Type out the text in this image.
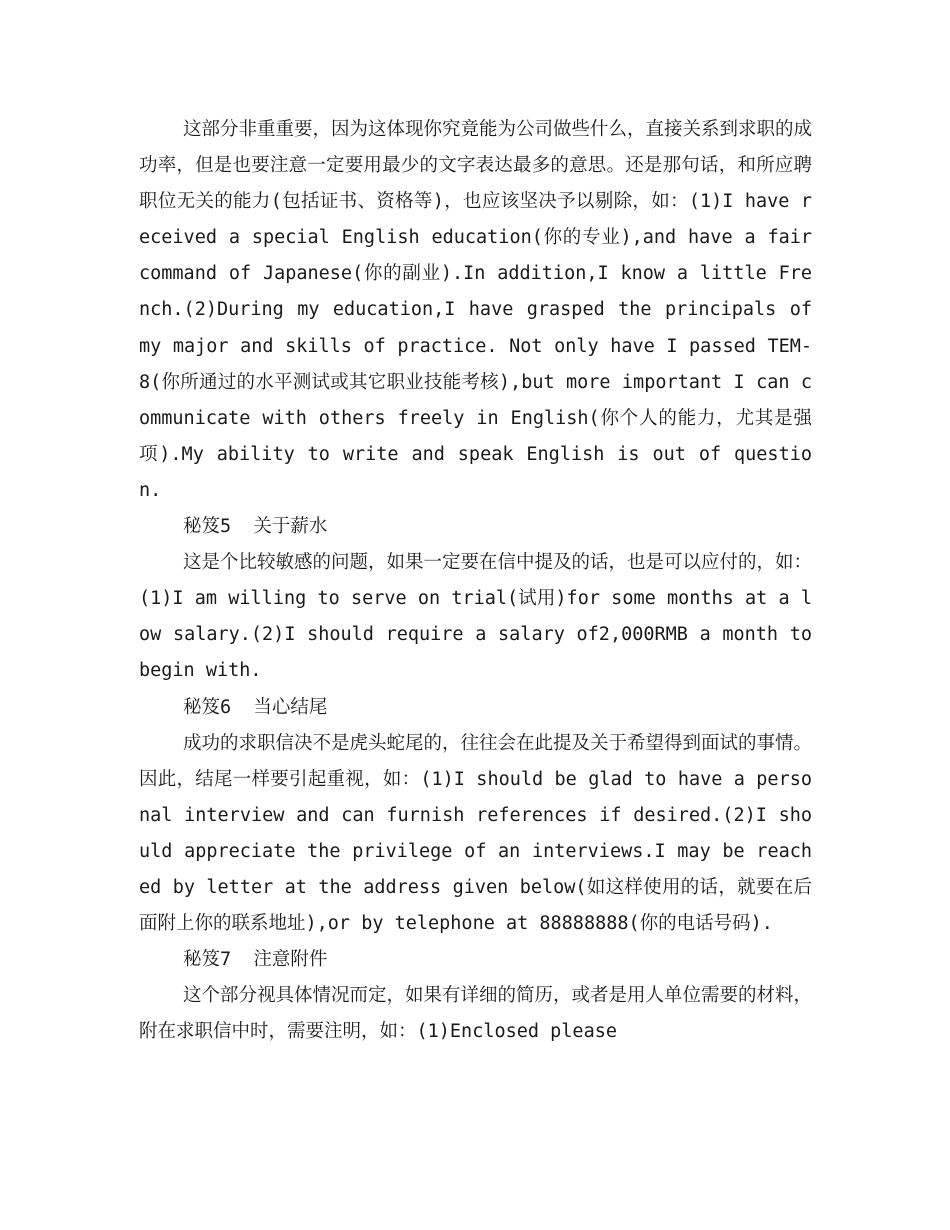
这部分非重重要，因为这体现你究竟能为公司做些什么，直接关系到求职的成功率，但是也要注意一定要用最少的文字表达最多的意思。还是那句话，和所应聘职位无关的能力(包括证书、资格等)，也应该坚决予以剔除，如：(1)I have received a special English education(你的专业),and have a fair command of Japanese(你的副业).In addition,I know a little French.(2)During my education,I have grasped the principals of my major and skills of practice. Not only have I passed TEM-8(你所通过的水平测试或其它职业技能考核),but more important I can communicate with others freely in English(你个人的能力，尤其是强项).My ability to write and speak English is out of question.

秘笈5  关于薪水

这是个比较敏感的问题，如果一定要在信中提及的话，也是可以应付的，如：(1)I am willing to serve on trial(试用)for some months at a low salary.(2)I should require a salary of2,000RMB a month to begin with.

秘笈6  当心结尾

成功的求职信决不是虎头蛇尾的，往往会在此提及关于希望得到面试的事情。因此，结尾一样要引起重视，如：(1)I should be glad to have a personal interview and can furnish references if desired.(2)I should appreciate the privilege of an interviews.I may be reached by letter at the address given below(如这样使用的话，就要在后面附上你的联系地址),or by telephone at 88888888(你的电话号码).

秘笈7  注意附件

这个部分视具体情况而定，如果有详细的简历，或者是用人单位需要的材料，附在求职信中时，需要注明，如：(1)Enclosed please
